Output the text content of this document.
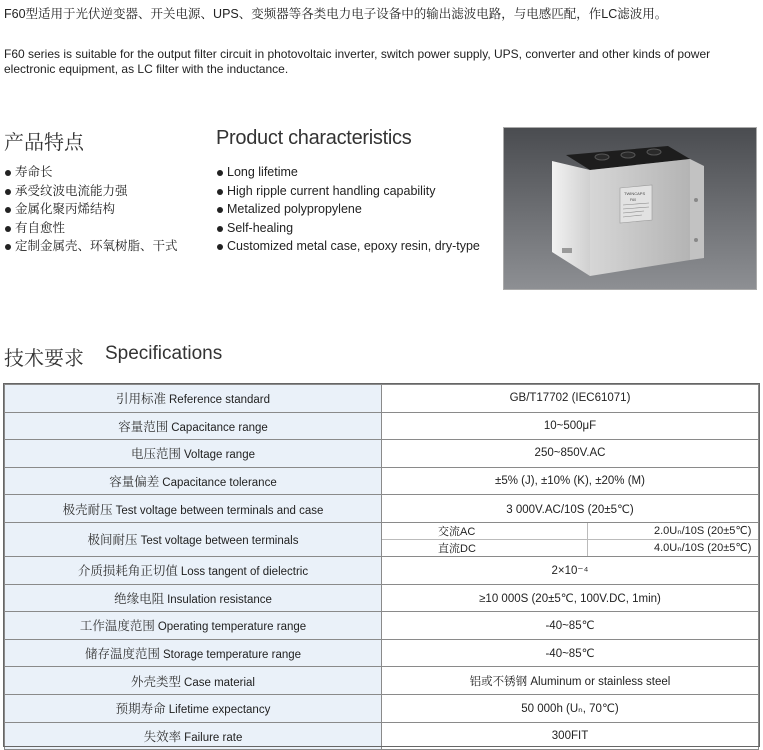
F60型适用于光伏逆变器、开关电源、UPS、变频器等各类电力电子设备中的输出滤波电路，与电感匹配，作LC滤波用。
F60 series is suitable for the output filter circuit in photovoltaic inverter, switch power supply, UPS, converter and other kinds of power electronic equipment, as LC filter with the inductance.
产品特点	Product characteristics
寿命长
承受纹波电流能力强
金属化聚丙烯结构
有自愈性
定制金属壳、环氧树脂、干式
Long lifetime
High ripple current handling capability
Metalized polypropylene
Self-healing
Customized metal case, epoxy resin, dry-type
TWINCAPS
F60
技术要求 Specifications
引用标准 Reference standard	GB/T17702 (IEC61071)
容量范围 Capacitance range	10~500μF
电压范围 Voltage range	250~850V.AC
容量偏差 Capacitance tolerance	±5% (J), ±10% (K), ±20% (M)
极壳耐压 Test voltage between terminals and case	3 000V.AC/10S (20±5℃)
极间耐压 Test voltage between terminals	
交流AC	2.0Uₙ/10S (20±5℃)
直流DC	4.0Uₙ/10S (20±5℃)

介质损耗角正切值 Loss tangent of dielectric	2×10⁻⁴
绝缘电阻 Insulation resistance	≥10 000S (20±5℃, 100V.DC, 1min)
工作温度范围 Operating temperature range	-40~85℃
储存温度范围 Storage temperature range	-40~85℃
外壳类型 Case material	铝或不锈钢 Aluminum or stainless steel
预期寿命 Lifetime expectancy	50 000h (Uₙ, 70℃)
失效率 Failure rate	300FIT
